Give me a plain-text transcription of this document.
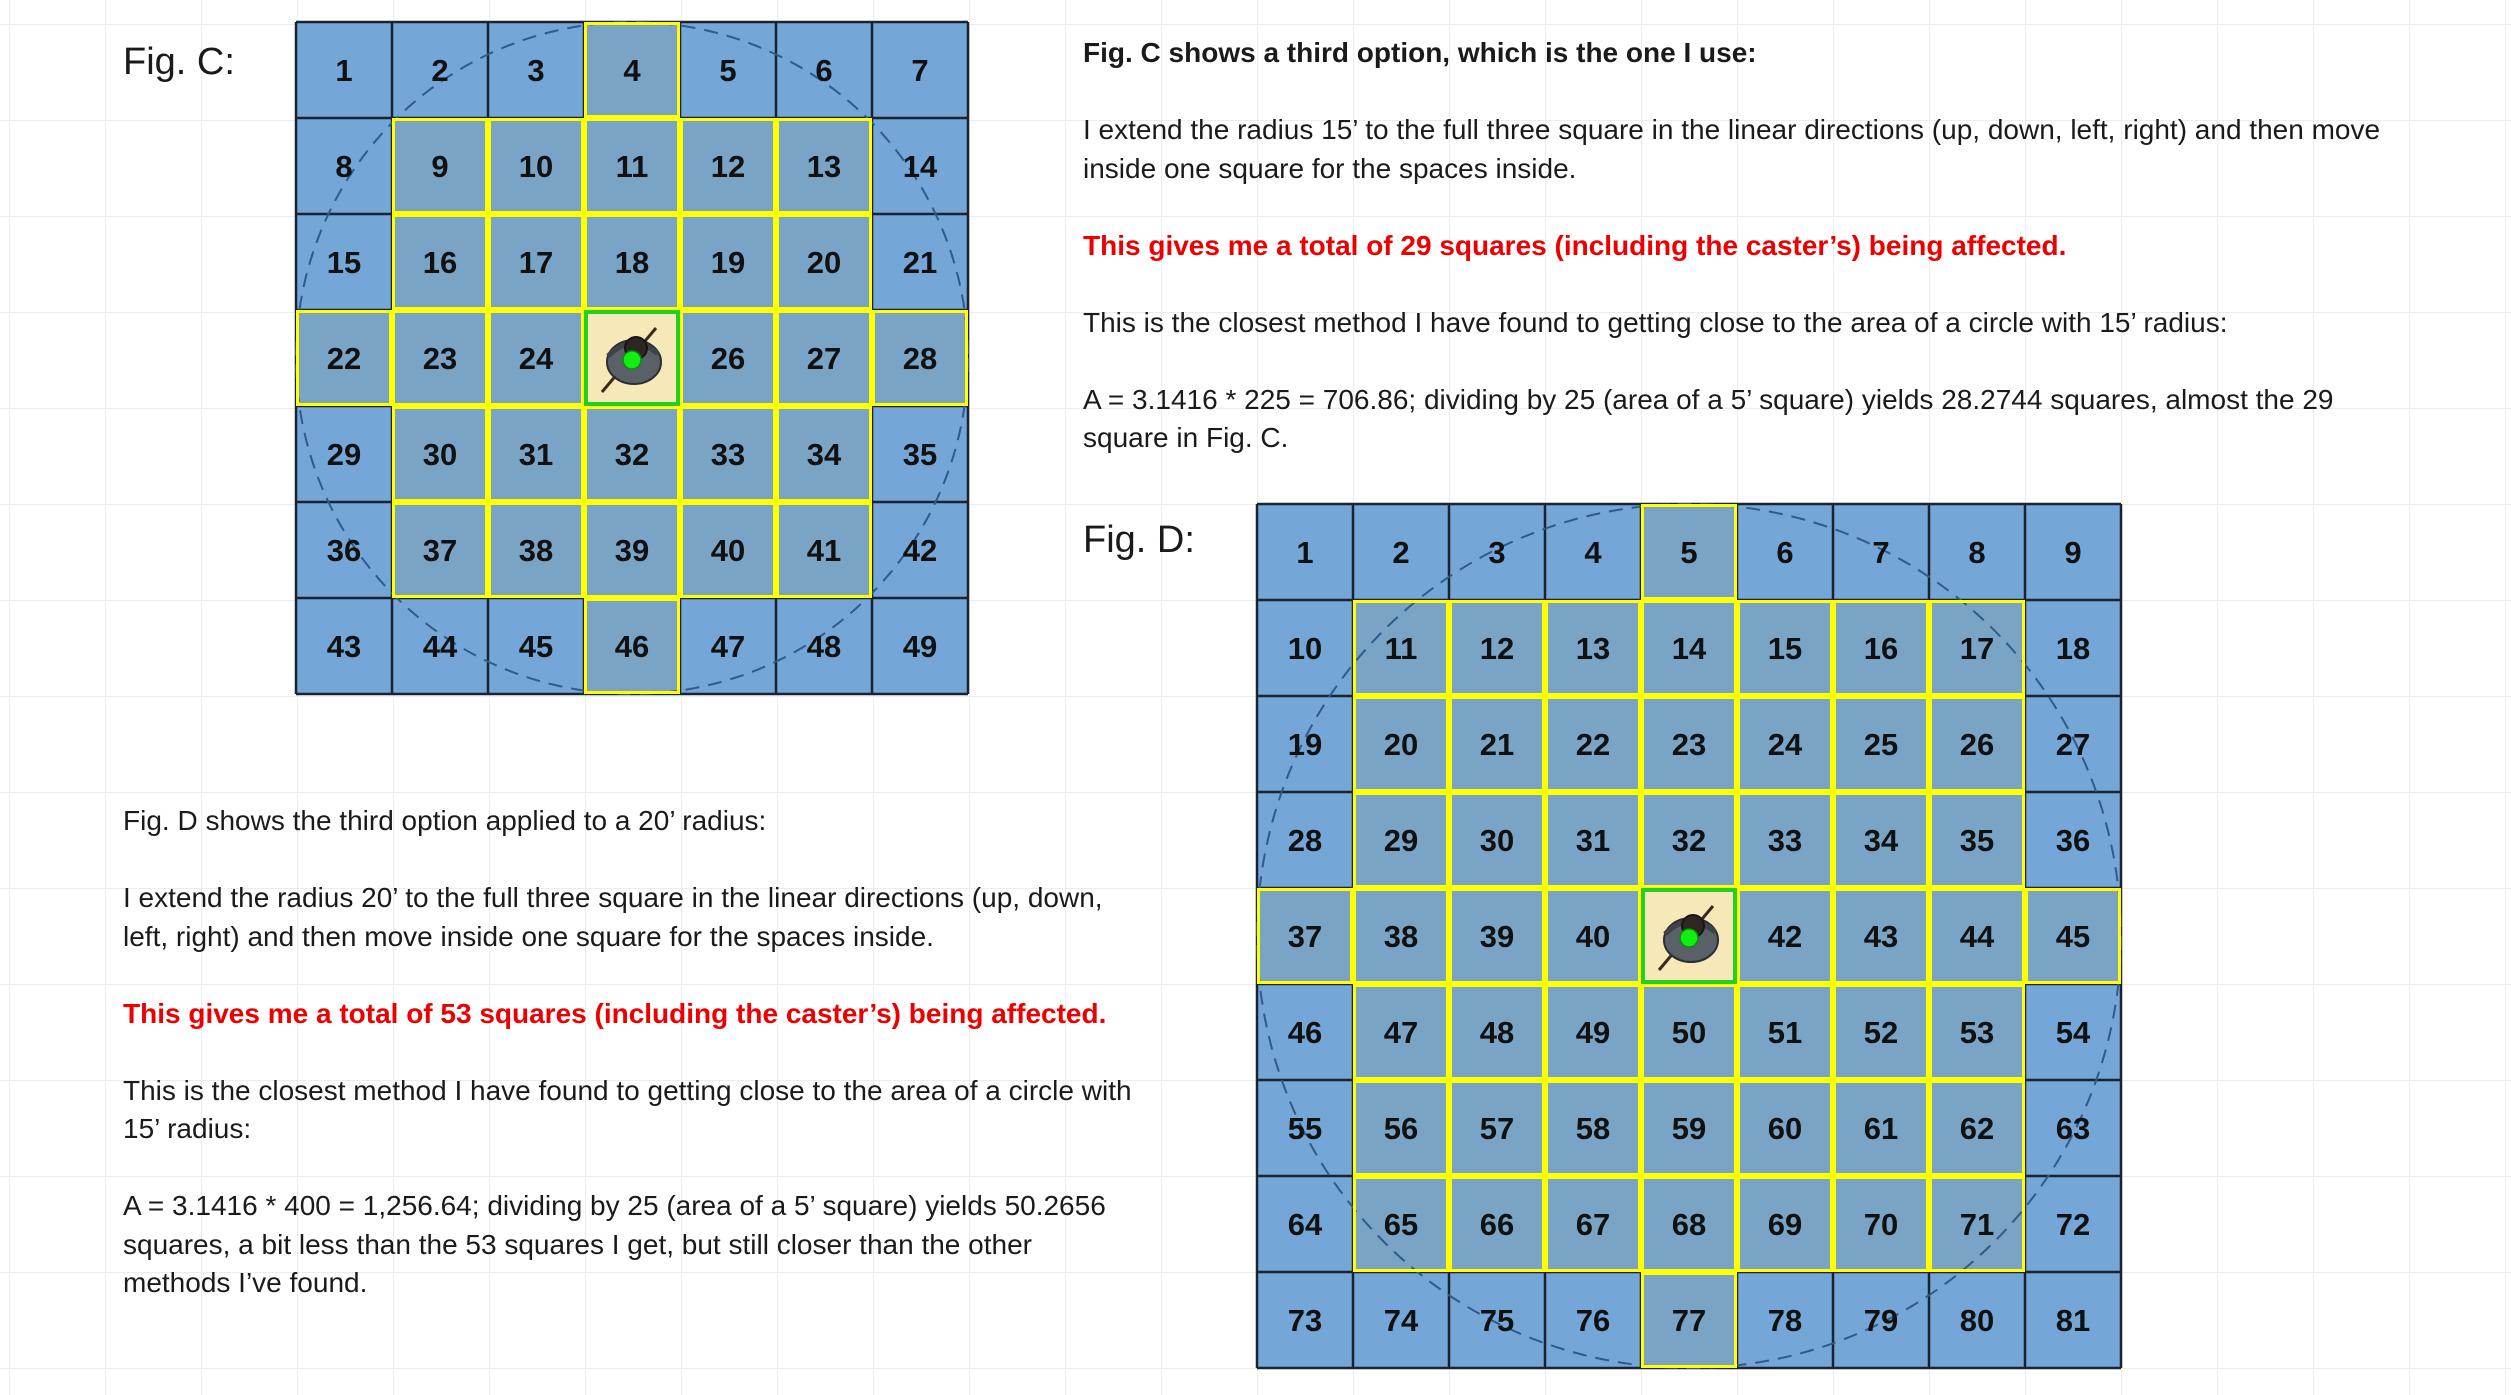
Fig. C:	1	2	3	4	5	6	7
8	9 10 11 12 13 14
15 16 17 18 19 20 21
22 23 24	26 27 28
29 30 31 32 33 34 35
36 37 38 39 40 41 42
43 44 45 46 47 48 49

Fig. C shows a third option, which is the one I use:

I extend the radius 15’ to the full three square in the linear directions (up, down, left, right) and then move inside one square for the spaces inside.

This gives me a total of 29 squares (including the caster’s) being affected.

This is the closest method I have found to getting close to the area of a circle with 15’ radius:

A = 3.1416 * 225 = 706.86; dividing by 25 (area of a 5’ square) yields 28.2744 squares, almost the 29 square in Fig. C.

Fig. D:	1	2	3	4	5	6	7	8	9
10 11 12 13 14 15 16 17 18
19 20 21 22 23 24 25 26 27
28 29 30 31 32 33 34 35 36
37 38 39 40	42 43 44 45
46 47 48 49 50 51 52 53 54
55 56 57 58 59 60 61 62 63
64 65 66 67 68 69 70 71 72
73 74 75 76 77 78 79 80 81

Fig. D shows the third option applied to a 20’ radius:

I extend the radius 20’ to the full three square in the linear directions (up, down, left, right) and then move inside one square for the spaces inside.

This gives me a total of 53 squares (including the caster’s) being affected.

This is the closest method I have found to getting close to the area of a circle with 15’ radius:

A = 3.1416 * 400 = 1,256.64; dividing by 25 (area of a 5’ square) yields 50.2656 squares, a bit less than the 53 squares I get, but still closer than the other methods I’ve found.
